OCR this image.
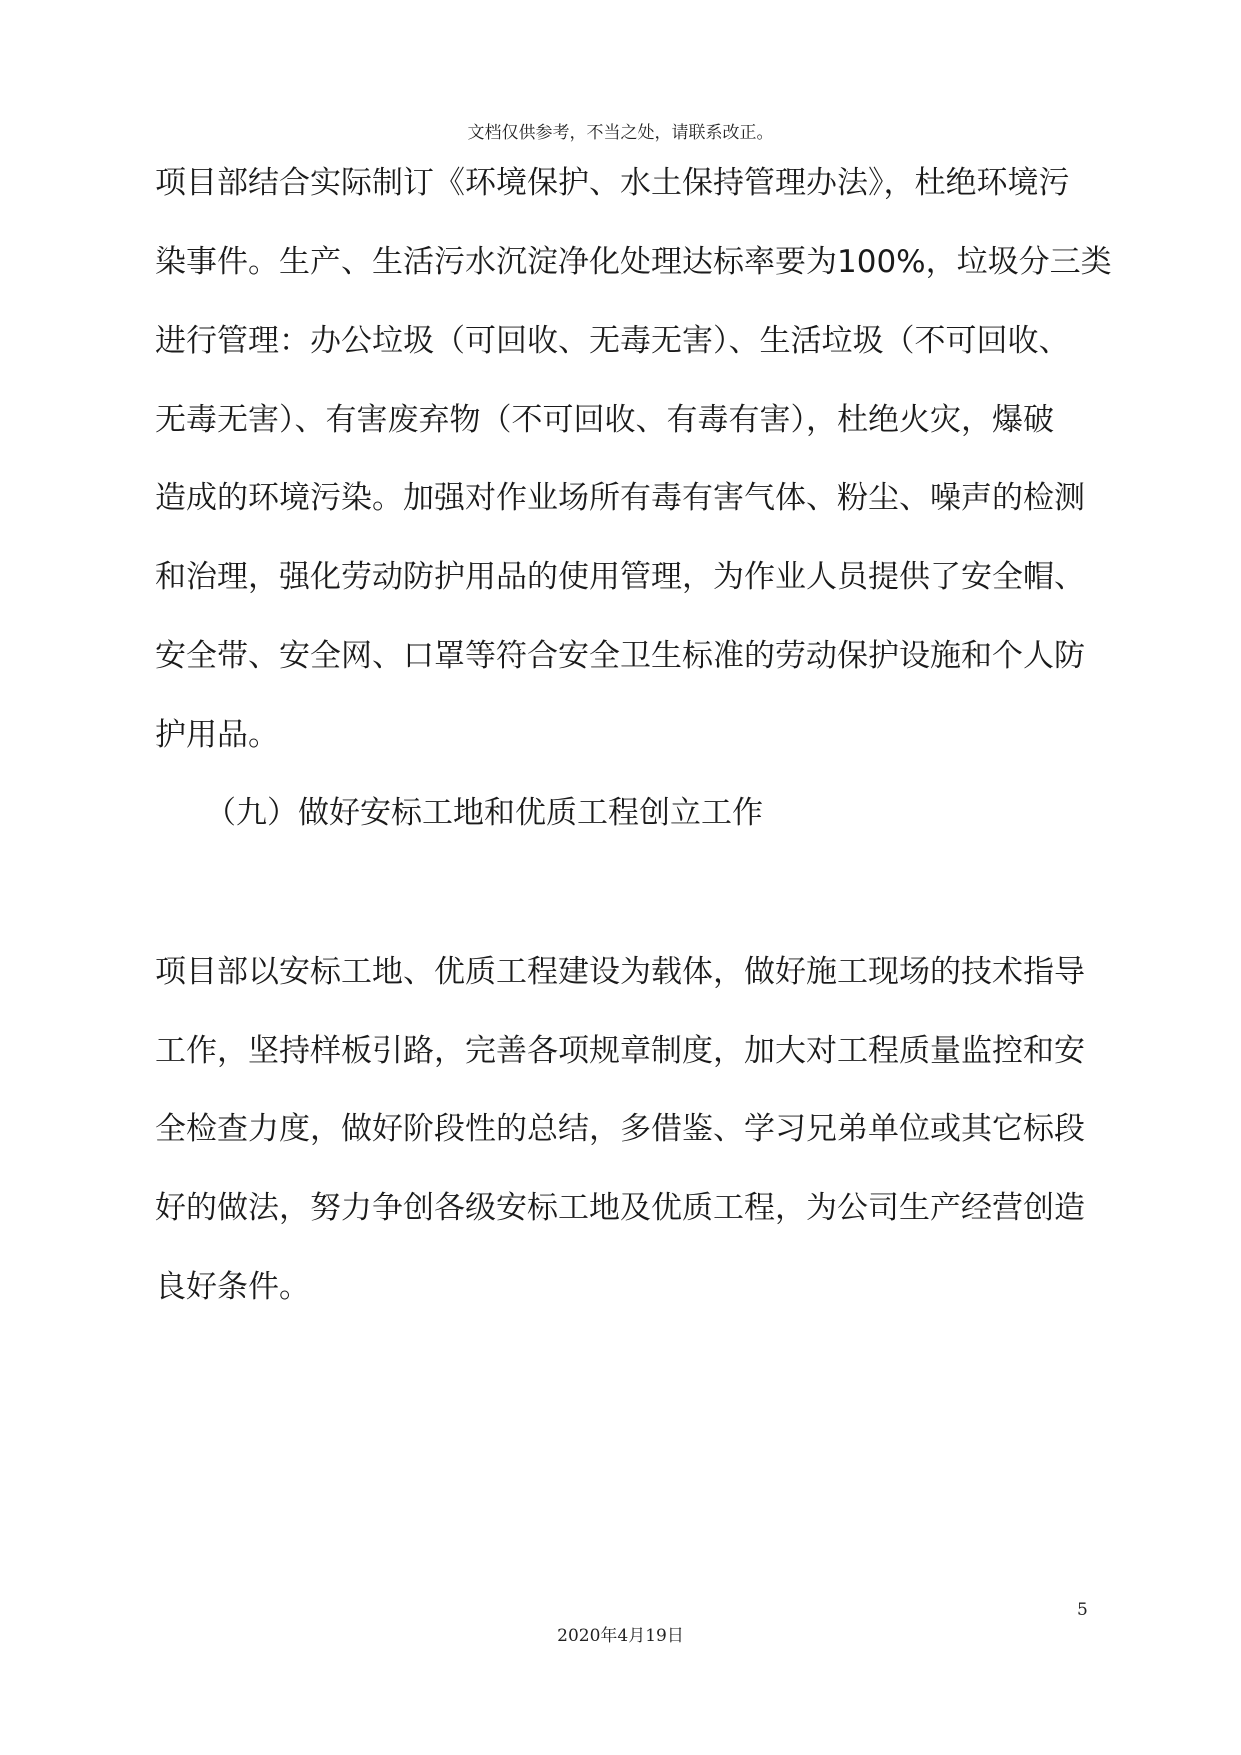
文档仅供参考，不当之处，请联系改正。
项目部结合实际制订《环境保护、水土保持管理办法》，杜绝环境污
染事件。生产、生活污水沉淀净化处理达标率要为100%，垃圾分三类
进行管理：办公垃圾（可回收、无毒无害）、生活垃圾（不可回收、
无毒无害）、有害废弃物（不可回收、有毒有害），杜绝火灾，爆破
造成的环境污染。加强对作业场所有毒有害气体、粉尘、噪声的检测
和治理，强化劳动防护用品的使用管理，为作业人员提供了安全帽、
安全带、安全网、口罩等符合安全卫生标准的劳动保护设施和个人防
护用品。
（九）做好安标工地和优质工程创立工作
项目部以安标工地、优质工程建设为载体，做好施工现场的技术指导
工作，坚持样板引路，完善各项规章制度，加大对工程质量监控和安
全检查力度，做好阶段性的总结，多借鉴、学习兄弟单位或其它标段
好的做法，努力争创各级安标工地及优质工程，为公司生产经营创造
良好条件。
5
2020年4月19日
